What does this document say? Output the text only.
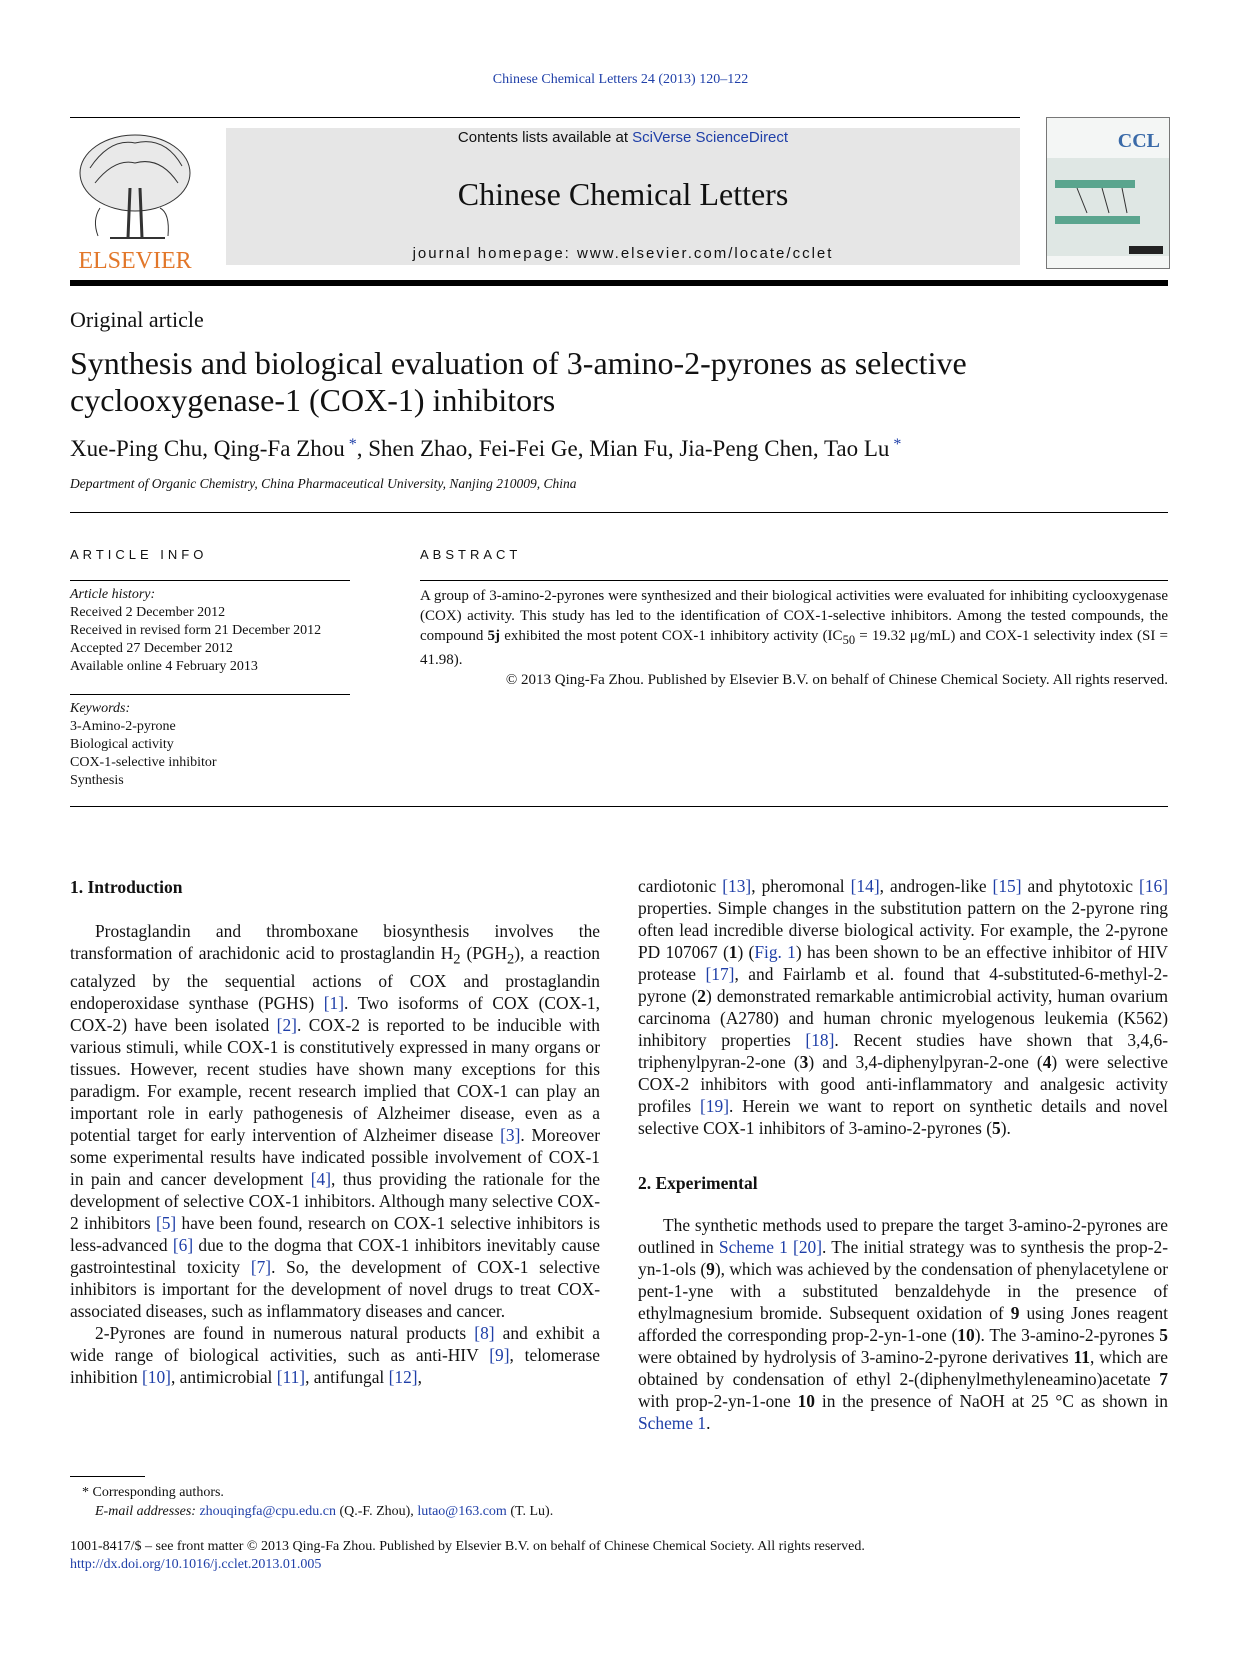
Chinese Chemical Letters 24 (2013) 120–122
ELSEVIER
Contents lists available at SciVerse ScienceDirect
Chinese Chemical Letters
journal homepage: www.elsevier.com/locate/cclet
CCL
Original article
Synthesis and biological evaluation of 3-amino-2-pyrones as selective cyclooxygenase-1 (COX-1) inhibitors
Xue-Ping Chu, Qing-Fa Zhou *, Shen Zhao, Fei-Fei Ge, Mian Fu, Jia-Peng Chen, Tao Lu *
Department of Organic Chemistry, China Pharmaceutical University, Nanjing 210009, China
ARTICLE INFO	ABSTRACT
Article history:
Received 2 December 2012
Received in revised form 21 December 2012
Accepted 27 December 2012
Available online 4 February 2013
Keywords:
3-Amino-2-pyrone
Biological activity
COX-1-selective inhibitor
Synthesis
A group of 3-amino-2-pyrones were synthesized and their biological activities were evaluated for inhibiting cyclooxygenase (COX) activity. This study has led to the identification of COX-1-selective inhibitors. Among the tested compounds, the compound 5j exhibited the most potent COX-1 inhibitory activity ($IC_{50} = 19.32$ μg/mL) and COX-1 selectivity index (SI = 41.98).
© 2013 Qing-Fa Zhou. Published by Elsevier B.V. on behalf of Chinese Chemical Society. All rights reserved.
1. Introduction

Prostaglandin and thromboxane biosynthesis involves the transformation of arachidonic acid to prostaglandin $H_2$ $(PGH_2)$, a reaction catalyzed by the sequential actions of COX and prostaglandin endoperoxidase synthase (PGHS) [1]. Two isoforms of COX (COX-1, COX-2) have been isolated [2]. COX-2 is reported to be inducible with various stimuli, while COX-1 is constitutively expressed in many organs or tissues. However, recent studies have shown many exceptions for this paradigm. For example, recent research implied that COX-1 can play an important role in early pathogenesis of Alzheimer disease, even as a potential target for early intervention of Alzheimer disease [3]. Moreover some experimental results have indicated possible involvement of COX-1 in pain and cancer development [4], thus providing the rationale for the development of selective COX-1 inhibitors. Although many selective COX-2 inhibitors [5] have been found, research on COX-1 selective inhibitors is less-advanced [6] due to the dogma that COX-1 inhibitors inevitably cause gastrointestinal toxicity [7]. So, the development of COX-1 selective inhibitors is important for the development of novel drugs to treat COX-associated diseases, such as inflammatory diseases and cancer.

2-Pyrones are found in numerous natural products [8] and exhibit a wide range of biological activities, such as anti-HIV [9], telomerase inhibition [10], antimicrobial [11], antifungal [12],

cardiotonic [13], pheromonal [14], androgen-like [15] and phytotoxic [16] properties. Simple changes in the substitution pattern on the 2-pyrone ring often lead incredible diverse biological activity. For example, the 2-pyrone PD 107067 (1) (Fig. 1) has been shown to be an effective inhibitor of HIV protease [17], and Fairlamb et al. found that 4-substituted-6-methyl-2-pyrone (2) demonstrated remarkable antimicrobial activity, human ovarium carcinoma (A2780) and human chronic myelogenous leukemia (K562) inhibitory properties [18]. Recent studies have shown that 3,4,6-triphenylpyran-2-one (3) and 3,4-diphenylpyran-2-one (4) were selective COX-2 inhibitors with good anti-inflammatory and analgesic activity profiles [19]. Herein we want to report on synthetic details and novel selective COX-1 inhibitors of 3-amino-2-pyrones (5).

2. Experimental

The synthetic methods used to prepare the target 3-amino-2-pyrones are outlined in Scheme 1 [20]. The initial strategy was to synthesis the prop-2-yn-1-ols (9), which was achieved by the condensation of phenylacetylene or pent-1-yne with a substituted benzaldehyde in the presence of ethylmagnesium bromide. Subsequent oxidation of 9 using Jones reagent afforded the corresponding prop-2-yn-1-one (10). The 3-amino-2-pyrones 5 were obtained by hydrolysis of 3-amino-2-pyrone derivatives 11, which are obtained by condensation of ethyl 2-(diphenylmethyleneamino)acetate 7 with prop-2-yn-1-one 10 in the presence of NaOH at 25 °C as shown in Scheme 1.

* Corresponding authors.
E-mail addresses: zhouqingfa@cpu.edu.cn (Q.-F. Zhou), lutao@163.com (T. Lu).
1001-8417/$ – see front matter © 2013 Qing-Fa Zhou. Published by Elsevier B.V. on behalf of Chinese Chemical Society. All rights reserved.
http://dx.doi.org/10.1016/j.cclet.2013.01.005
